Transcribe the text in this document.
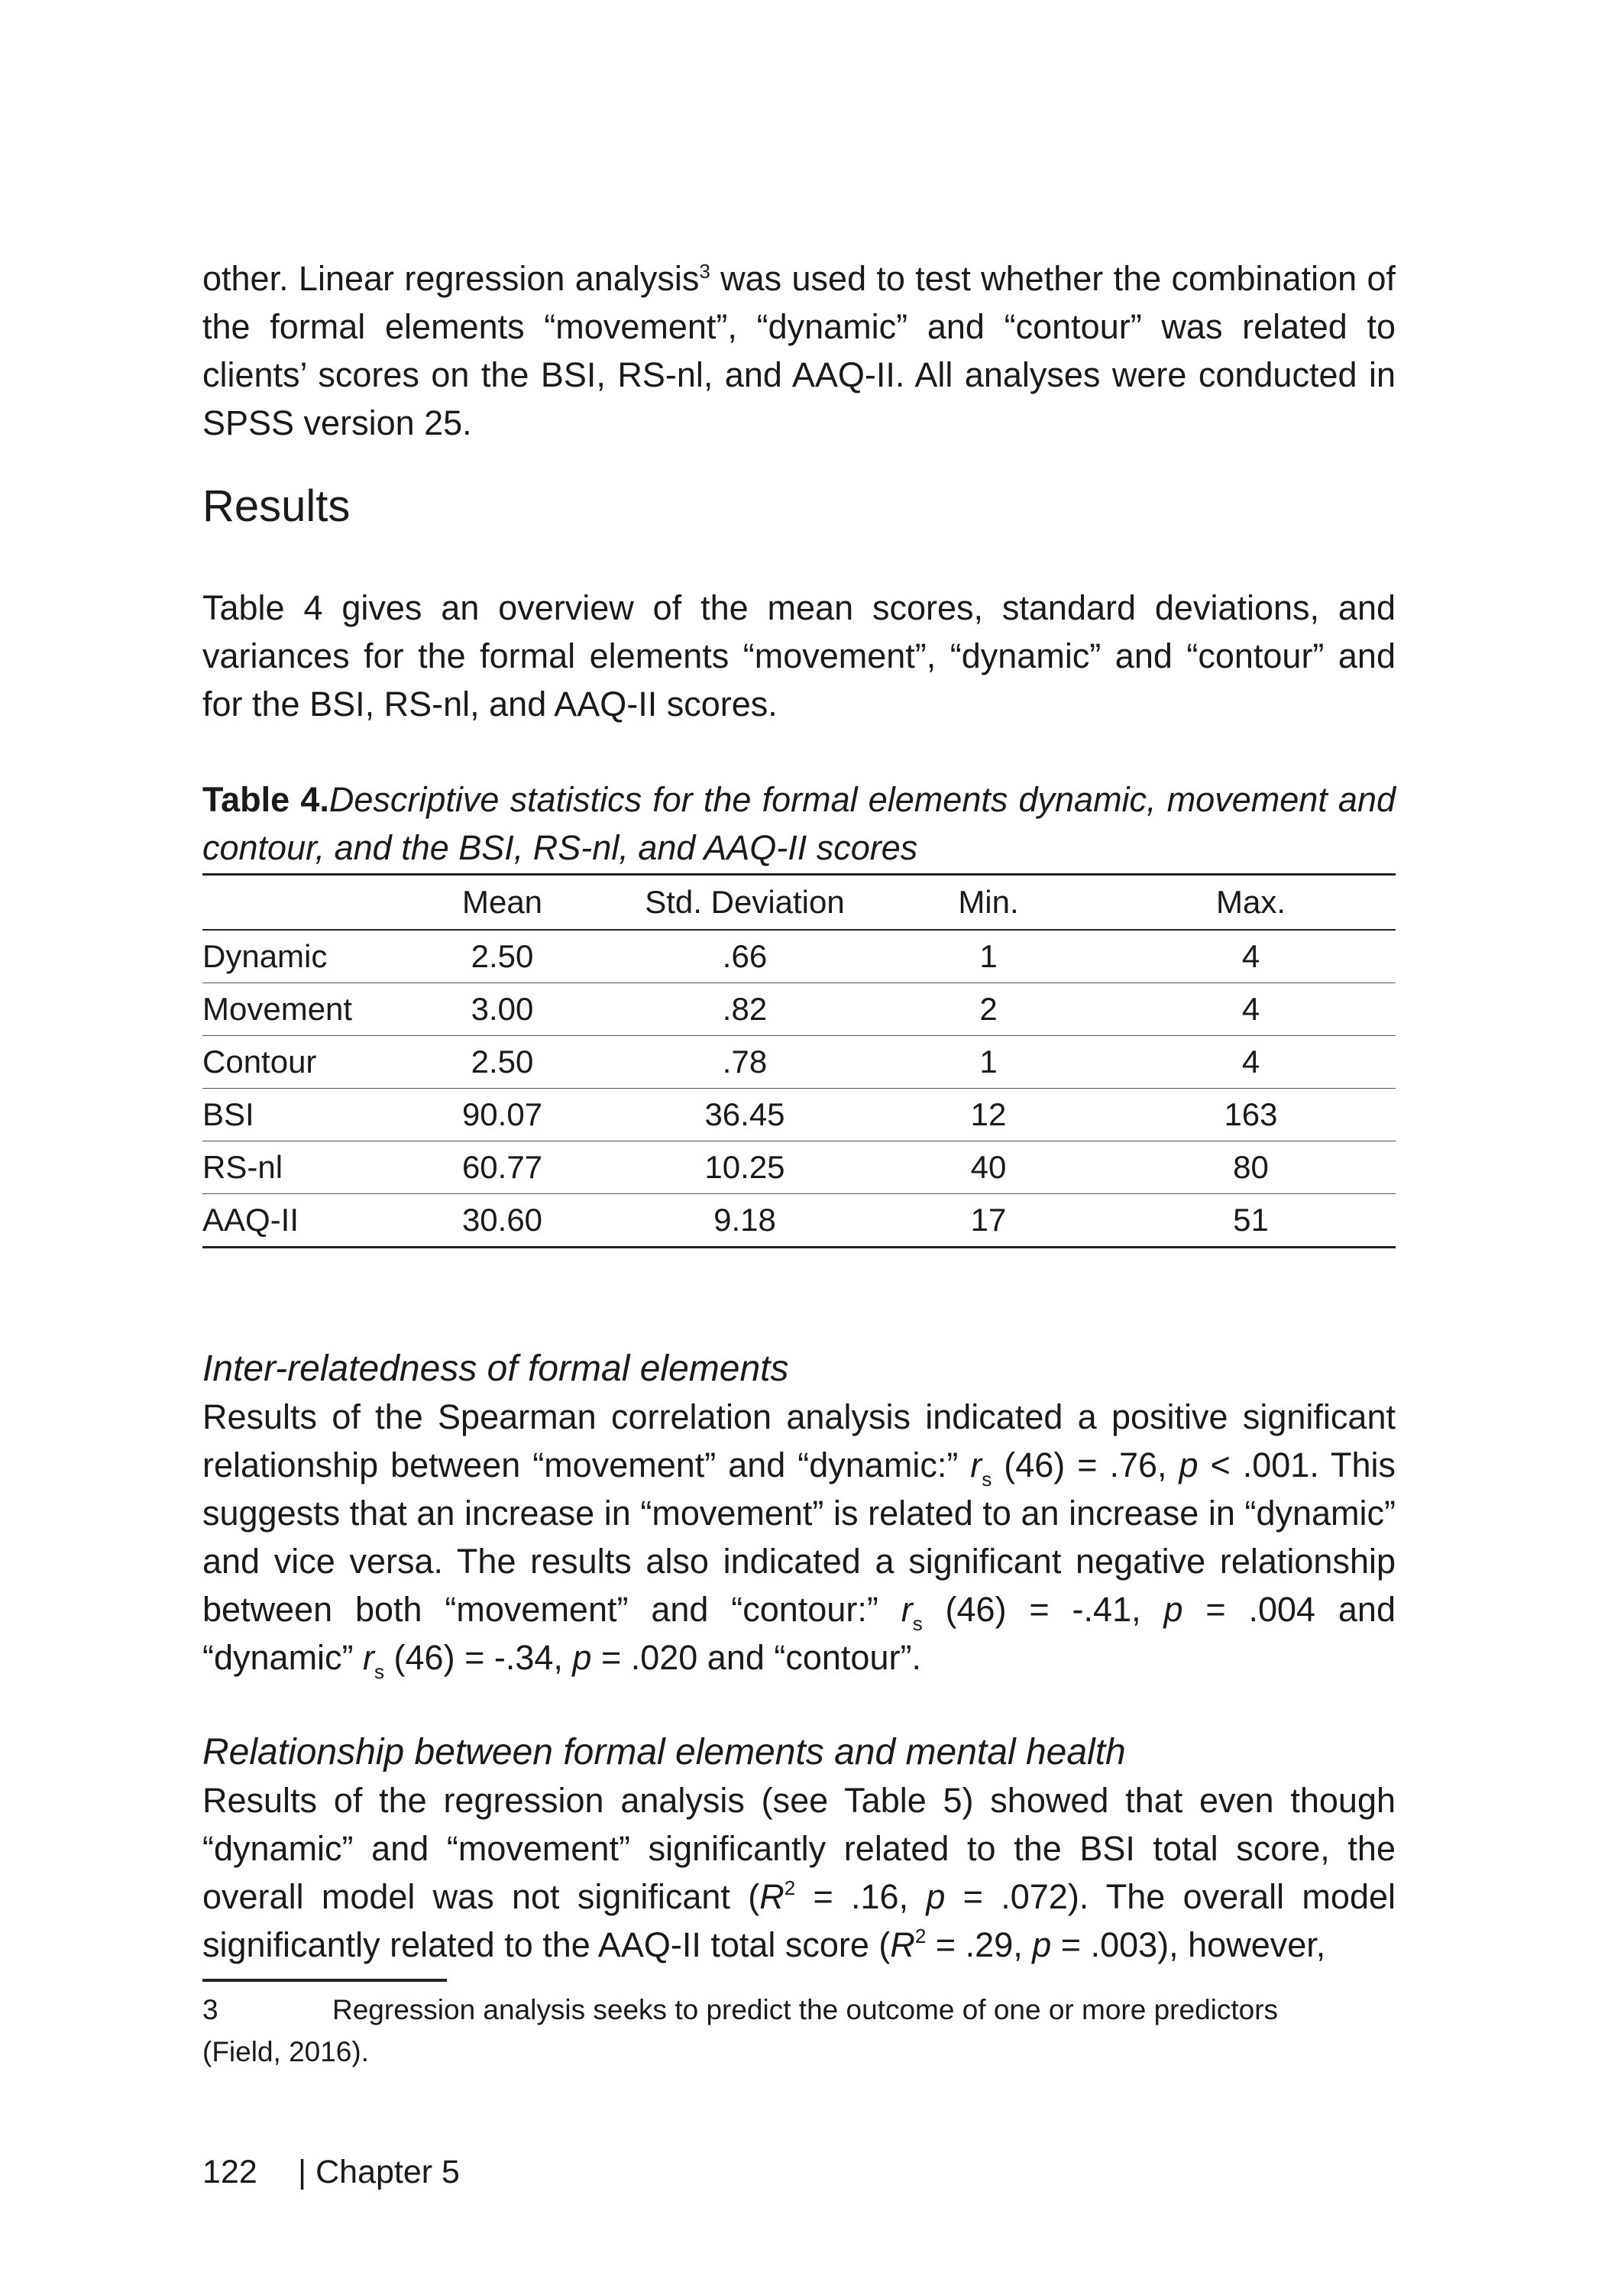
other. Linear regression analysis$^3$ was used to test whether the combination of the formal elements “movement”, “dynamic” and “contour” was related to clients’ scores on the BSI, RS-nl, and AAQ-II. All analyses were conducted in SPSS version 25.

Results

Table 4 gives an overview of the mean scores, standard deviations, and variances for the formal elements “movement”, “dynamic” and “contour” and for the BSI, RS-nl, and AAQ-II scores.

Table 4.Descriptive statistics for the formal elements dynamic, movement and contour, and the BSI, RS-nl, and AAQ-II scores

	Mean	Std. Deviation	Min.	Max.
Dynamic	2.50	.66	1	4
Movement	3.00	.82	2	4
Contour	2.50	.78	1	4
BSI	90.07	36.45	12	163
RS-nl	60.77	10.25	40	80
AAQ-II	30.60	9.18	17	51

Inter-relatedness of formal elements

Results of the Spearman correlation analysis indicated a positive significant relationship between “movement” and “dynamic:” $r_s$ (46) = .76, p < .001. This suggests that an increase in “movement” is related to an increase in “dynamic” and vice versa. The results also indicated a significant negative relationship between both “movement” and “contour:” $r_s$ (46) = -.41, p = .004 and “dynamic” $r_s$ (46) = -.34, p = .020 and “contour”.

Relationship between formal elements and mental health

Results of the regression analysis (see Table 5) showed that even though “dynamic” and “movement” significantly related to the BSI total score, the overall model was not significant ($R^2 = .16$, p = .072). The overall model significantly related to the AAQ-II total score ($R^2 = .29$, p = .003), however,

3	Regression analysis seeks to predict the outcome of one or more predictors
(Field, 2016).
122 | Chapter 5
